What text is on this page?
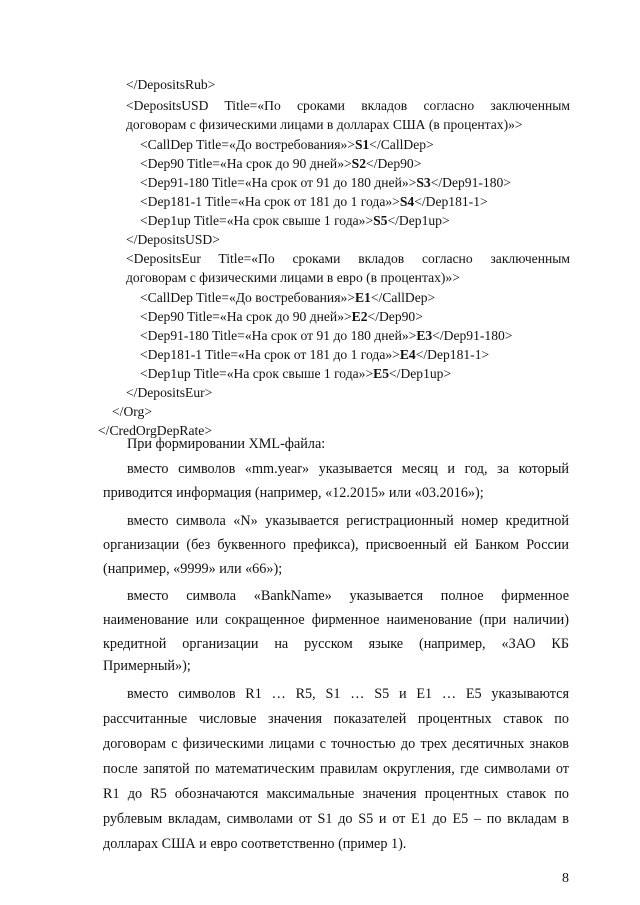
</DepositsRub>
<DepositsUSD Title=«По сроками вкладов согласно заключенным
договорам с физическими лицами в долларах США (в процентах)»>
<CallDep Title=«До востребования»>S1</CallDep>
<Dep90 Title=«На срок до 90 дней»>S2</Dep90>
<Dep91-180 Title=«На срок от 91 до 180 дней»>S3</Dep91-180>
<Dep181-1 Title=«На срок от 181 до 1 года»>S4</Dep181-1>
<Dep1up Title=«На срок свыше 1 года»>S5</Dep1up>
</DepositsUSD>
<DepositsEur Title=«По сроками вкладов согласно заключенным
договорам с физическими лицами в евро (в процентах)»>
<CallDep Title=«До востребования»>E1</CallDep>
<Dep90 Title=«На срок до 90 дней»>E2</Dep90>
<Dep91-180 Title=«На срок от 91 до 180 дней»>E3</Dep91-180>
<Dep181-1 Title=«На срок от 181 до 1 года»>E4</Dep181-1>
<Dep1up Title=«На срок свыше 1 года»>E5</Dep1up>
</DepositsEur>
</Org>
</CredOrgDepRate>
При формировании XML-файла:
вместо символов «mm.year» указывается месяц и год, за который
приводится информация (например, «12.2015» или «03.2016»);
вместо символа «N» указывается регистрационный номер кредитной
организации (без буквенного префикса), присвоенный ей Банком России
(например, «9999» или «66»);
вместо символа «BankName» указывается полное фирменное
наименование или сокращенное фирменное наименование (при наличии)
кредитной организации на русском языке (например, «ЗАО КБ
Примерный»);
вместо символов R1 … R5, S1 … S5 и E1 … E5 указываются
рассчитанные числовые значения показателей процентных ставок по
договорам с физическими лицами с точностью до трех десятичных знаков
после запятой по математическим правилам округления, где символами от
R1 до R5 обозначаются максимальные значения процентных ставок по
рублевым вкладам, символами от S1 до S5 и от E1 до E5 – по вкладам в
долларах США и евро соответственно (пример 1).
8
